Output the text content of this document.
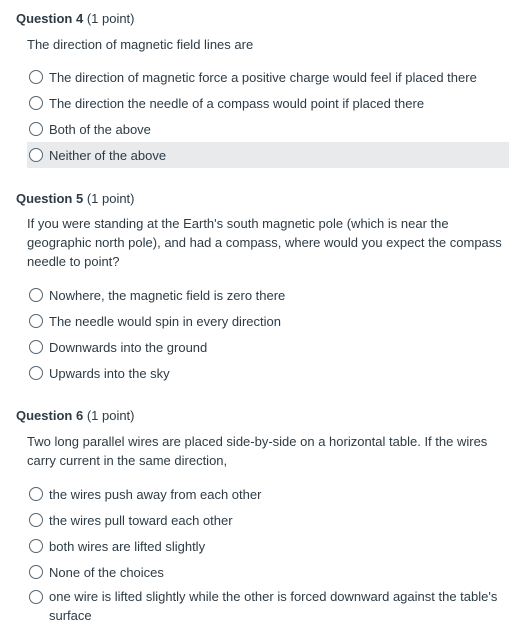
Question 4 (1 point)
The direction of magnetic field lines are
The direction of magnetic force a positive charge would feel if placed there
The direction the needle of a compass would point if placed there
Both of the above
Neither of the above
Question 5 (1 point)
If you were standing at the Earth's south magnetic pole (which is near the geographic north pole), and had a compass, where would you expect the compass needle to point?
Nowhere, the magnetic field is zero there
The needle would spin in every direction
Downwards into the ground
Upwards into the sky
Question 6 (1 point)
Two long parallel wires are placed side-by-side on a horizontal table. If the wires carry current in the same direction,
the wires push away from each other
the wires pull toward each other
both wires are lifted slightly
None of the choices
one wire is lifted slightly while the other is forced downward against the table's surface
